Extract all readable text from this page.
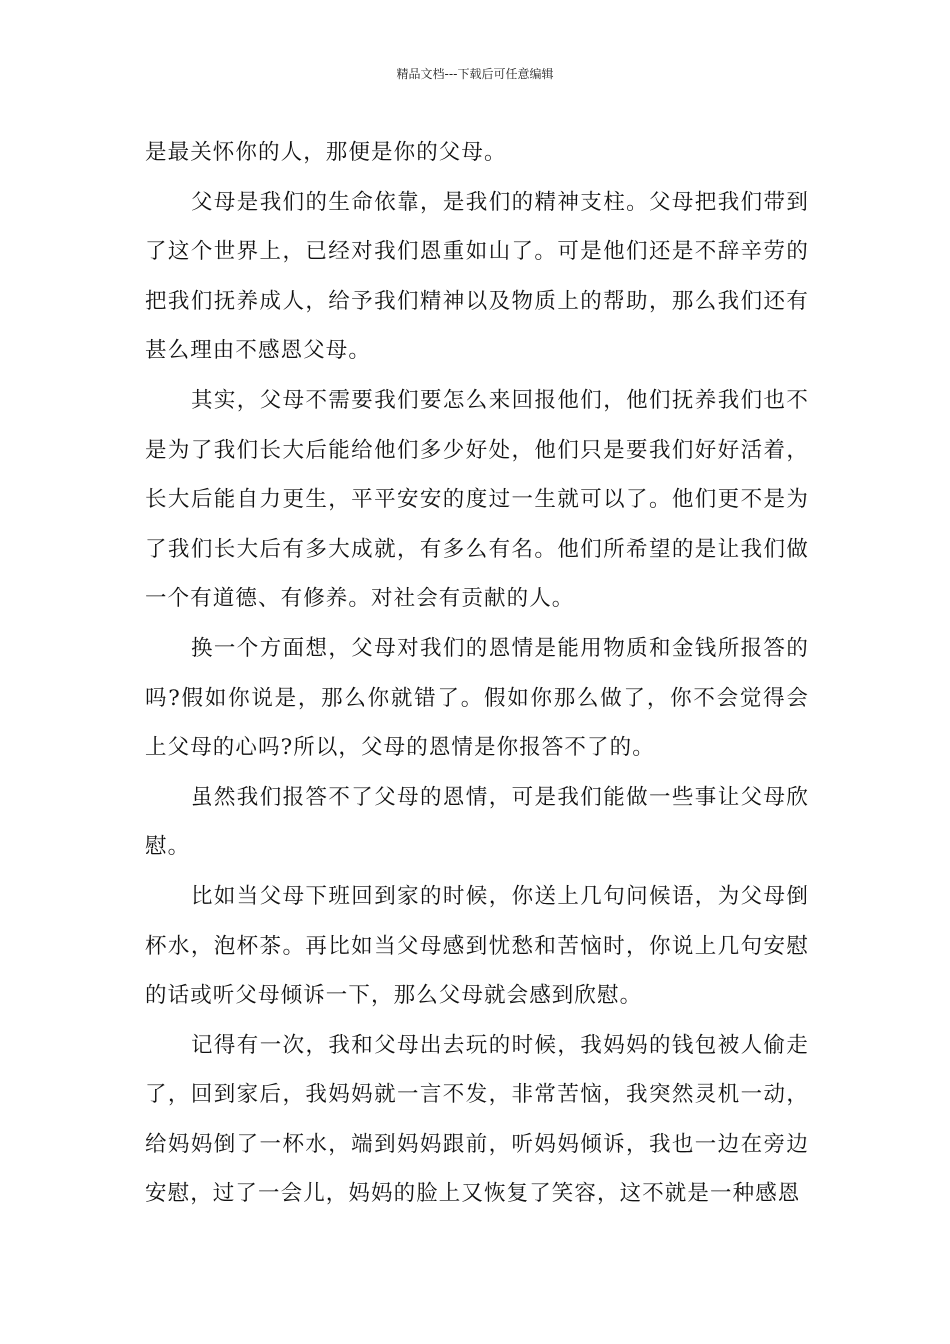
精品文档---下载后可任意编辑

是最关怀你的人，那便是你的父母。

父母是我们的生命依靠，是我们的精神支柱。父母把我们带到了这个世界上，已经对我们恩重如山了。可是他们还是不辞辛劳的把我们抚养成人，给予我们精神以及物质上的帮助，那么我们还有甚么理由不感恩父母。

其实，父母不需要我们要怎么来回报他们，他们抚养我们也不是为了我们长大后能给他们多少好处，他们只是要我们好好活着，长大后能自力更生，平平安安的度过一生就可以了。他们更不是为了我们长大后有多大成就，有多么有名。他们所希望的是让我们做一个有道德、有修养。对社会有贡献的人。

换一个方面想，父母对我们的恩情是能用物质和金钱所报答的吗?假如你说是，那么你就错了。假如你那么做了，你不会觉得会上父母的心吗?所以，父母的恩情是你报答不了的。

虽然我们报答不了父母的恩情，可是我们能做一些事让父母欣慰。

比如当父母下班回到家的时候，你送上几句问候语，为父母倒杯水，泡杯茶。再比如当父母感到忧愁和苦恼时，你说上几句安慰的话或听父母倾诉一下，那么父母就会感到欣慰。

记得有一次，我和父母出去玩的时候，我妈妈的钱包被人偷走了，回到家后，我妈妈就一言不发，非常苦恼，我突然灵机一动，给妈妈倒了一杯水，端到妈妈跟前，听妈妈倾诉，我也一边在旁边安慰，过了一会儿，妈妈的脸上又恢复了笑容，这不就是一种感恩
